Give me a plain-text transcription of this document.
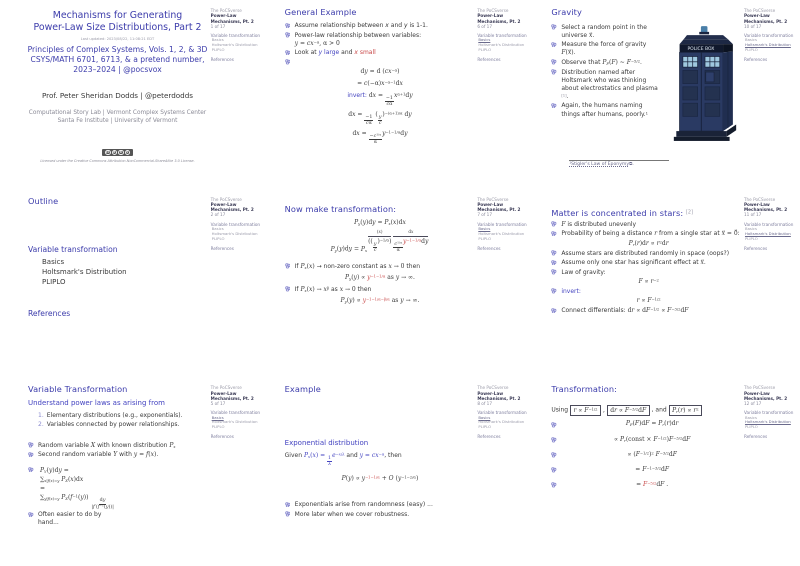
Mechanisms for Generating
Power-Law Size Distributions, Part 2
Last updated: 2023/08/22, 11:08:21 EDT
Principles of Complex Systems, Vols. 1, 2, & 3D
CSYS/MATH 6701, 6713, & a pretend number,
2023–2024 | @pocsvox
Prof. Peter Sheridan Dodds | @peterdodds
Computational Story Lab | Vermont Complex Systems Center
Santa Fe Institute | University of Vermont
CC	B	N	S
Licensed under the Creative Commons Attribution-NonCommercial-ShareAlike 3.0 License.
The PoCSverse
Power-Law Mechanisms, Pt. 2
1 of 17
Variable transformation
Basics
Holtsmark's Distribution
PLIPLO
References
General Example
Assume relationship between x and y is 1-1.
Power-law relationship between variables:
$y = cx^{-\alpha}$, α > 0
Look at y large and x small
dy = d $(cx^{-\alpha})$
= $c(-\alpha)x^{-\alpha-1}dx$
invert: dx =
$\frac{-1}{c\alpha}$
$x^{\alpha+1}dy$
dx =
$\frac{-1}{c\alpha}$
(
$\frac{y}{c}$
)$^{-(\alpha+1)/\alpha}$ dy
dx =
$\frac{-c^{1/\alpha}}{\alpha}$
$y^{-1-1/\alpha}dy$
The PoCSverse
Power-Law Mechanisms, Pt. 2
6 of 17
Variable transformation
Basics
Holtsmark's Distribution
PLIPLO
References
Gravity
Select a random point in the universe x.
Measure the force of gravity F(x⃗).
Observe that $P_F(F)$ ~ $F^{-5/2}$.
Distribution named after Holtsmark who was thinking about electrostatics and plasma [1].
Again, the humans naming things after humans, poorly.$^1$
POLICE BOX
¹Stigler's Law of Eponymy⧉.
The PoCSverse
Power-Law Mechanisms, Pt. 2
10 of 17
Variable transformation
Basics
Holtsmark's Distribution
PLIPLO
References
Outline
Variable transformation
Basics
Holtsmark's Distribution
PLIPLO
References
The PoCSverse
Power-Law Mechanisms, Pt. 2
2 of 17
Variable transformation
Basics
Holtsmark's Distribution
PLIPLO
References
Now make transformation:
$P_y(y)dy = P_x(x)dx$
$P_y(y)dy = P_x$
(x)
((
$\frac{y}{c}$
)$^{-1/\alpha}$)
dx
$\frac{c^{1/\alpha}}{\alpha}$
$y^{-1-1/\alpha}dy$
If $P_x(x)$ → non-zero constant as x → 0 then
$P_y(y) \propto y^{-1-1/\alpha}$ as y → ∞.
If $P_x(x) \to x^\beta$ as x → 0 then
$P_y(y) \propto y^{-1-1/\alpha-\beta/\alpha}$ as y → ∞.
The PoCSverse
Power-Law Mechanisms, Pt. 2
7 of 17
Variable transformation
Basics
Holtsmark's Distribution
PLIPLO
References
Matter is concentrated in stars: [2]
F is distributed unevenly
Probability of being a distance r from a single star at x⃗ = 0⃗:
$P_r(r)dr \propto r^2dr$
Assume stars are distributed randomly in space (oops?)
Assume only one star has significant effect at x.
Law of gravity:
$F \propto r^{-2}$
invert:
$r \propto F^{-1/2}$
Connect differentials: dr ∝ $dF^{-1/2} \propto F^{-3/2}dF$
The PoCSverse
Power-Law Mechanisms, Pt. 2
11 of 17
Variable transformation
Basics
Holtsmark's Distribution
PLIPLO
References
Variable Transformation
Understand power laws as arising from
1. Elementary distributions (e.g., exponentials).
2. Variables connected by power relationships.
Random variable X with known distribution $P_x$
Second random variable Y with y = f(x).
$P_Y(y)dy$ =
$\sum_{x|f(x)=y}$ $P_X(x)dx$
=
$\sum_{y|f(x)=y}$ $P_X(f^{-1}(y))$
$\frac{dy}{|f'(f^{-1}(y))|}$
Often easier to do by hand...
The PoCSverse
Power-Law Mechanisms, Pt. 2
5 of 17
Variable transformation
Basics
Holtsmark's Distribution
PLIPLO
References
Example
Exponential distribution
Given $P_x(x)$ =
$\frac{1}{\lambda}$
$e^{-x/\lambda}$ and $y = cx^{-\alpha}$, then
$P(y) \propto y^{-1-1/\alpha} + O$ $(y^{-1-2/\alpha})$
Exponentials arise from randomness (easy) ...
More later when we cover robustness.
The PoCSverse
Power-Law Mechanisms, Pt. 2
8 of 17
Variable transformation
Basics
Holtsmark's Distribution
PLIPLO
References
Transformation:
Using $r \propto F^{-1/2}$ , dr ∝ $F^{-3/2}dF$ , and $P_r(r) \propto r^2$
$P_F(F)dF = P_r(r)dr$
∝ $P_r(const \times F^{-1/2})F^{-3/2}dF$
∝ $(F^{-1/2})^2$ $F^{-3/2}dF$
= $F^{-1-3/2}dF$
= $F^{-5/2}dF$ .
The PoCSverse
Power-Law Mechanisms, Pt. 2
12 of 17
Variable transformation
Basics
Holtsmark's Distribution
PLIPLO
References
